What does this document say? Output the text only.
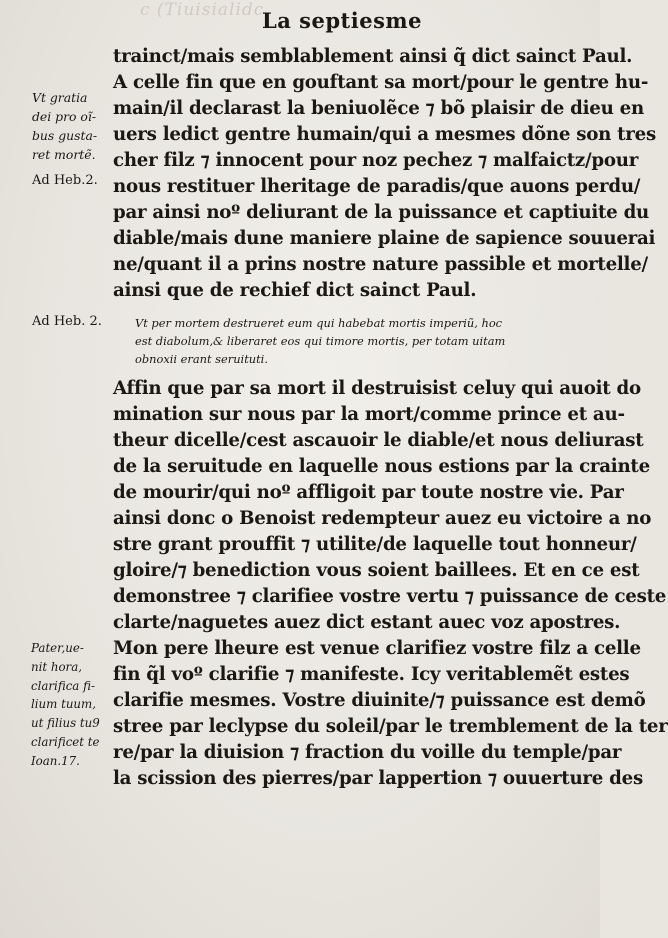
c (Tiuisialidc
La septiesme
trainct/mais semblablement ainsi q̃ dict sainct Paul.
A celle fin que en gouftant sa mort/pour le gentre hu-
main/il declarast la beniuolẽce ⁊ bõ plaisir de dieu en
uers ledict gentre humain/qui a mesmes dõne son tres
cher filz ⁊ innocent pour noz pechez ⁊ malfaictz/pour
nous restituer lheritage de paradis/que auons perdu/
par ainsi noº deliurant de la puissance et captiuite du
diable/mais dune maniere plaine de sapience souuerai
ne/quant il a prins nostre nature passible et mortelle/
ainsi que de rechief dict sainct Paul.
Vt per mortem destrueret eum qui habebat mortis imperiũ, hoc
est diabolum,& liberaret eos qui timore mortis, per totam uitam
obnoxii erant seruituti.
Affin que par sa mort il destruisist celuy qui auoit do
mination sur nous par la mort/comme prince et au-
theur dicelle/cest ascauoir le diable/et nous deliurast
de la seruitude en laquelle nous estions par la crainte
de mourir/qui noº affligoit par toute nostre vie. Par
ainsi donc o Benoist redempteur auez eu victoire a no
stre grant prouffit ⁊ utilite/de laquelle tout honneur/
gloire/⁊ benediction vous soient baillees. Et en ce est
demonstree ⁊ clarifiee vostre vertu ⁊ puissance de ceste
clarte/naguetes auez dict estant auec voz apostres.
Mon pere lheure est venue clarifiez vostre filz a celle
fin q̃l voº clarifie ⁊ manifeste. Icy veritablemẽt estes
clarifie mesmes. Vostre diuinite/⁊ puissance est demõ
stree par leclypse du soleil/par le tremblement de la ter
re/par la diuision ⁊ fraction du voille du temple/par
la scission des pierres/par lappertion ⁊ ouuerture des
Vt gratia
dei pro oĩ-
bus gusta-
ret mortẽ.
Ad Heb.2.
Ad Heb. 2.
Pater,ue-
nit hora,
clarifica fi-
lium tuum,
ut filius tu9
clarificet te
Ioan.17.
